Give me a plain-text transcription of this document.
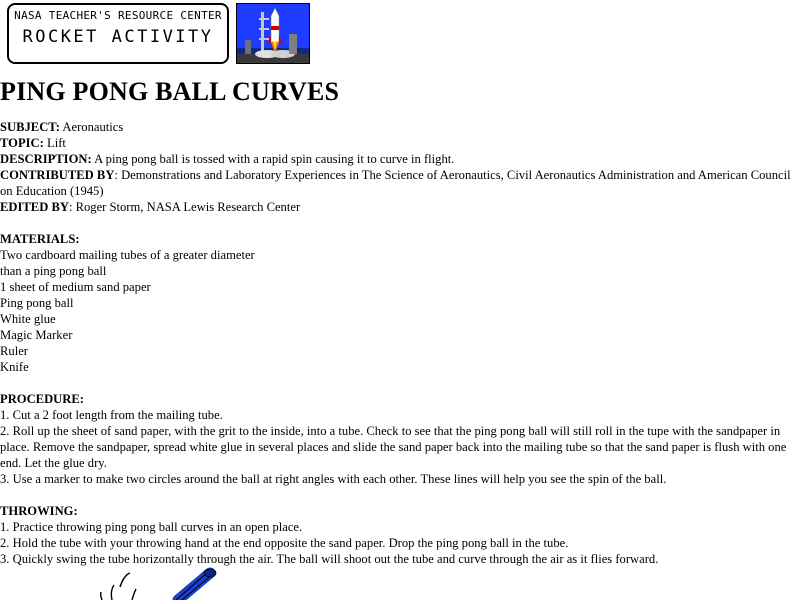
NASA TEACHER'S RESOURCE CENTER
ROCKET ACTIVITY
PING PONG BALL CURVES
SUBJECT: Aeronautics
TOPIC: Lift
DESCRIPTION: A ping pong ball is tossed with a rapid spin causing it to curve in flight.
CONTRIBUTED BY: Demonstrations and Laboratory Experiences in The Science of Aeronautics, Civil Aeronautics Administration and American Council on Education (1945)
EDITED BY: Roger Storm, NASA Lewis Research Center
MATERIALS:
Two cardboard mailing tubes of a greater diameter
than a ping pong ball
1 sheet of medium sand paper
Ping pong ball
White glue
Magic Marker
Ruler
Knife
PROCEDURE:
1. Cut a 2 foot length from the mailing tube.
2. Roll up the sheet of sand paper, with the grit to the inside, into a tube. Check to see that the ping pong ball will still roll in the tupe with the sandpaper in place. Remove the sandpaper, spread white glue in several places and slide the sand paper back into the mailing tube so that the sand paper is flush with one end. Let the glue dry.
3. Use a marker to make two circles around the ball at right angles with each other. These lines will help you see the spin of the ball.
THROWING:
1. Practice throwing ping pong ball curves in an open place.
2. Hold the tube with your throwing hand at the end opposite the sand paper. Drop the ping pong ball in the tube.
3. Quickly swing the tube horizontally through the air. The ball will shoot out the tube and curve through the air as it flies forward.
